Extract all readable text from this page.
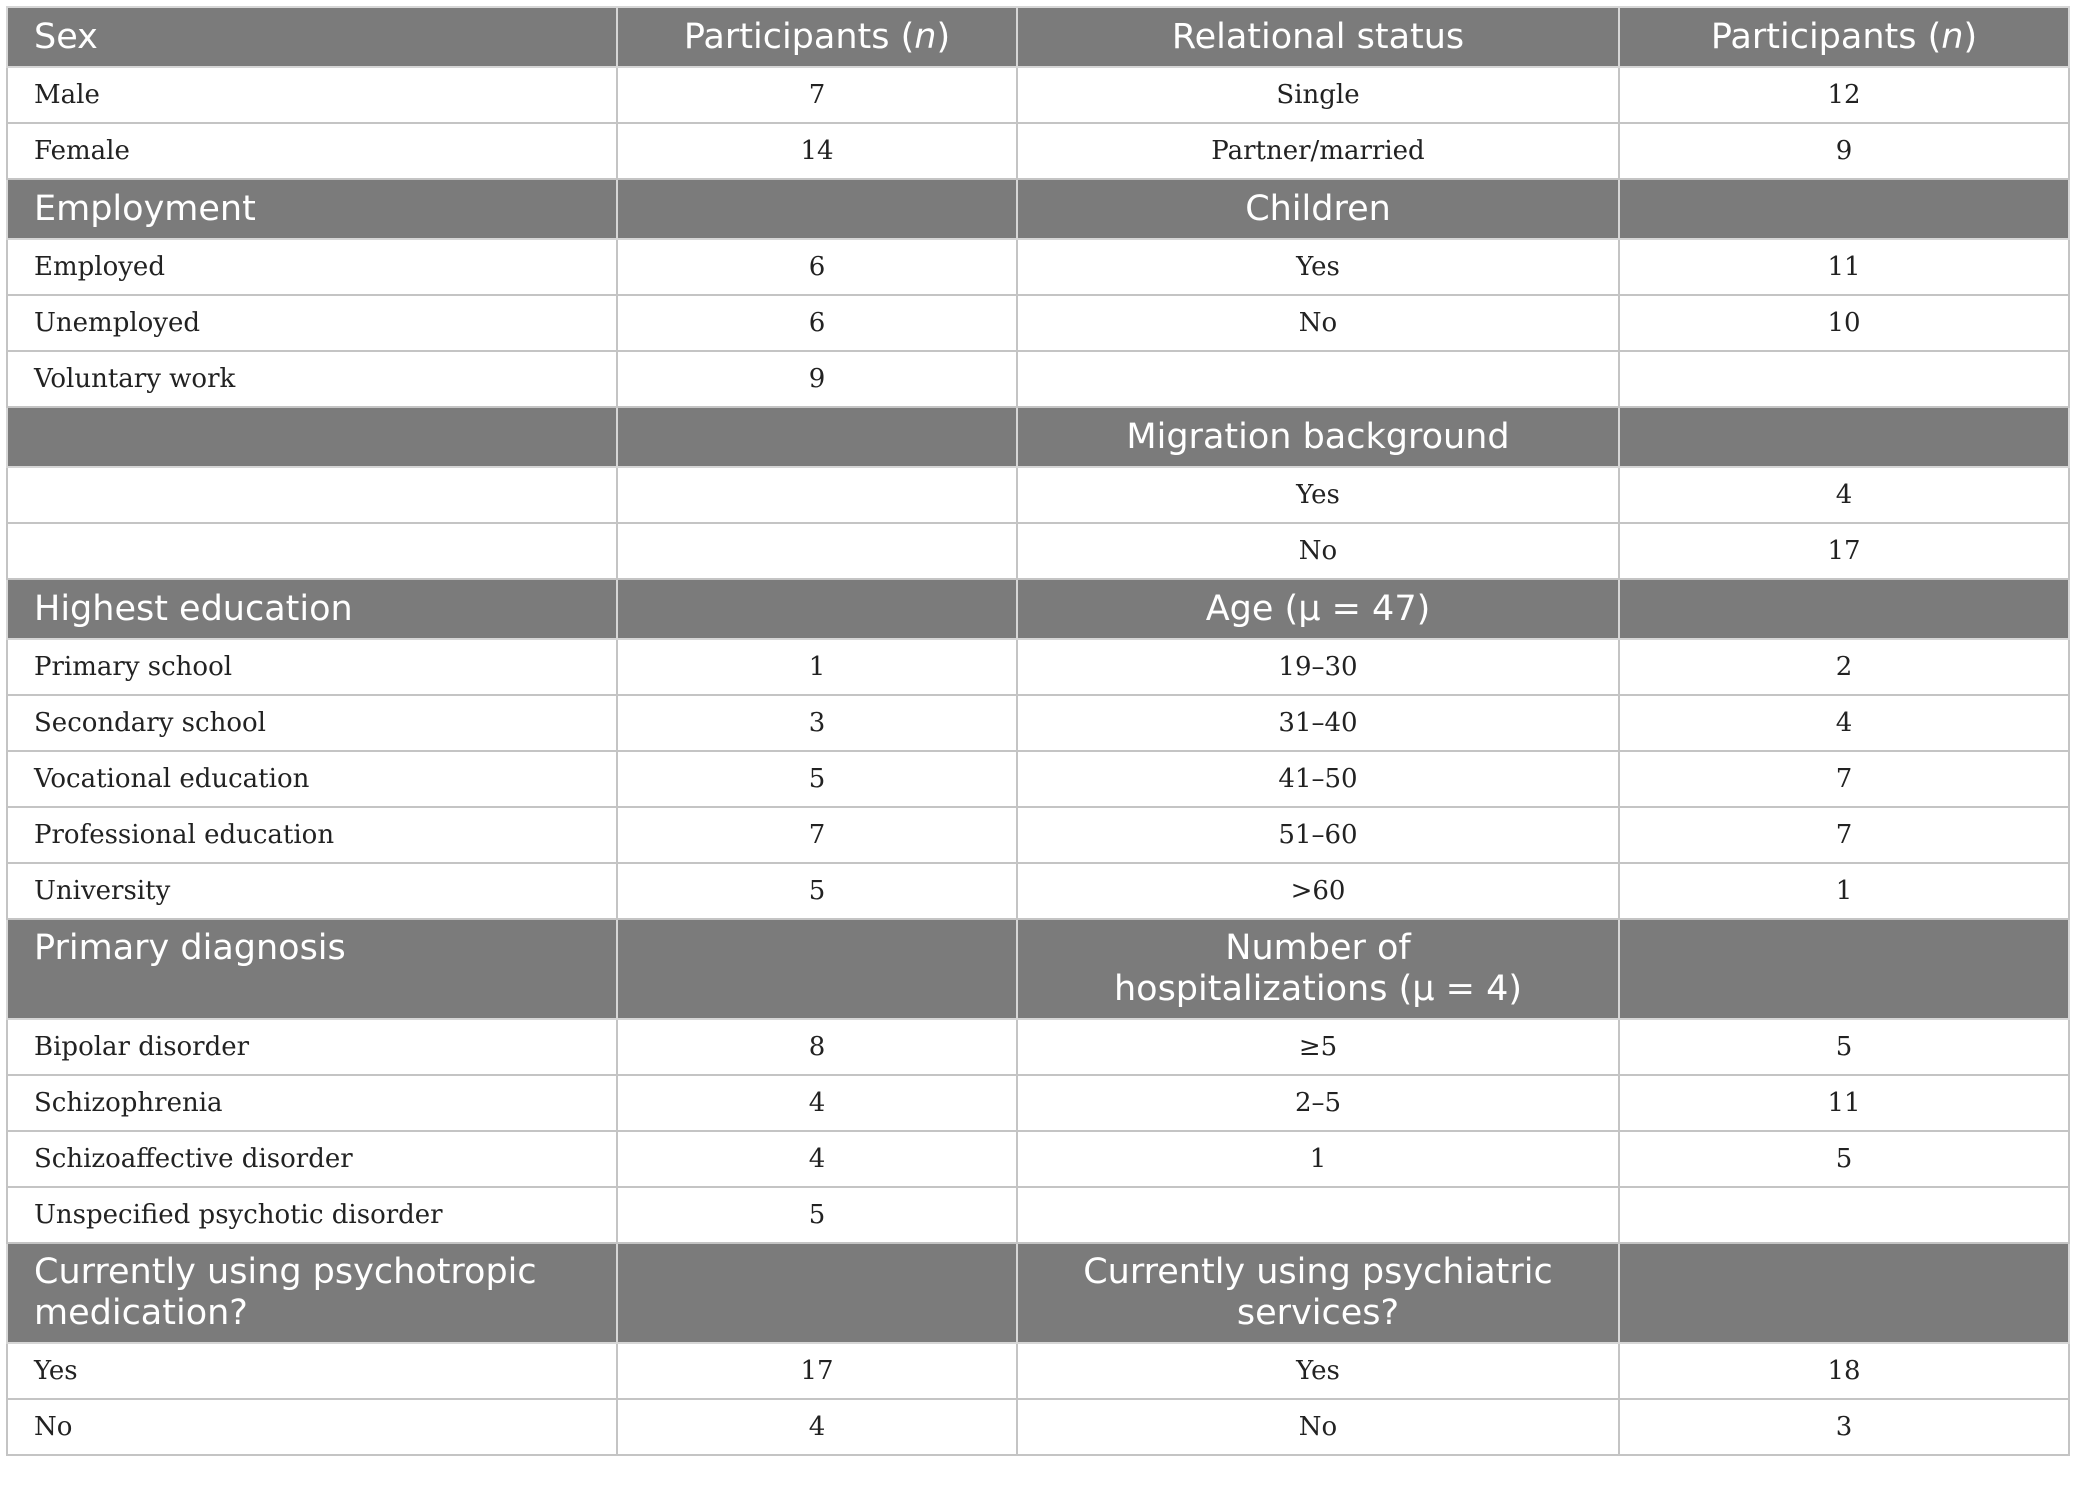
Sex	Participants (n)	Relational status	Participants (n)
Male	7	Single	12
Female	14	Partner/married	9
Employment		Children	
Employed	6	Yes	11
Unemployed	6	No	10
Voluntary work	9		
		Migration background	
		Yes	4
		No	17
Highest education		Age (μ = 47)	
Primary school	1	19–30	2
Secondary school	3	31–40	4
Vocational education	5	41–50	7
Professional education	7	51–60	7
University	5	>60	1
Primary diagnosis		Number of hospitalizations (μ = 4)	
Bipolar disorder	8	≥5	5
Schizophrenia	4	2–5	11
Schizoaffective disorder	4	1	5
Unspecified psychotic disorder	5		
Currently using psychotropic medication?		Currently using psychiatric services?	
Yes	17	Yes	18
No	4	No	3
